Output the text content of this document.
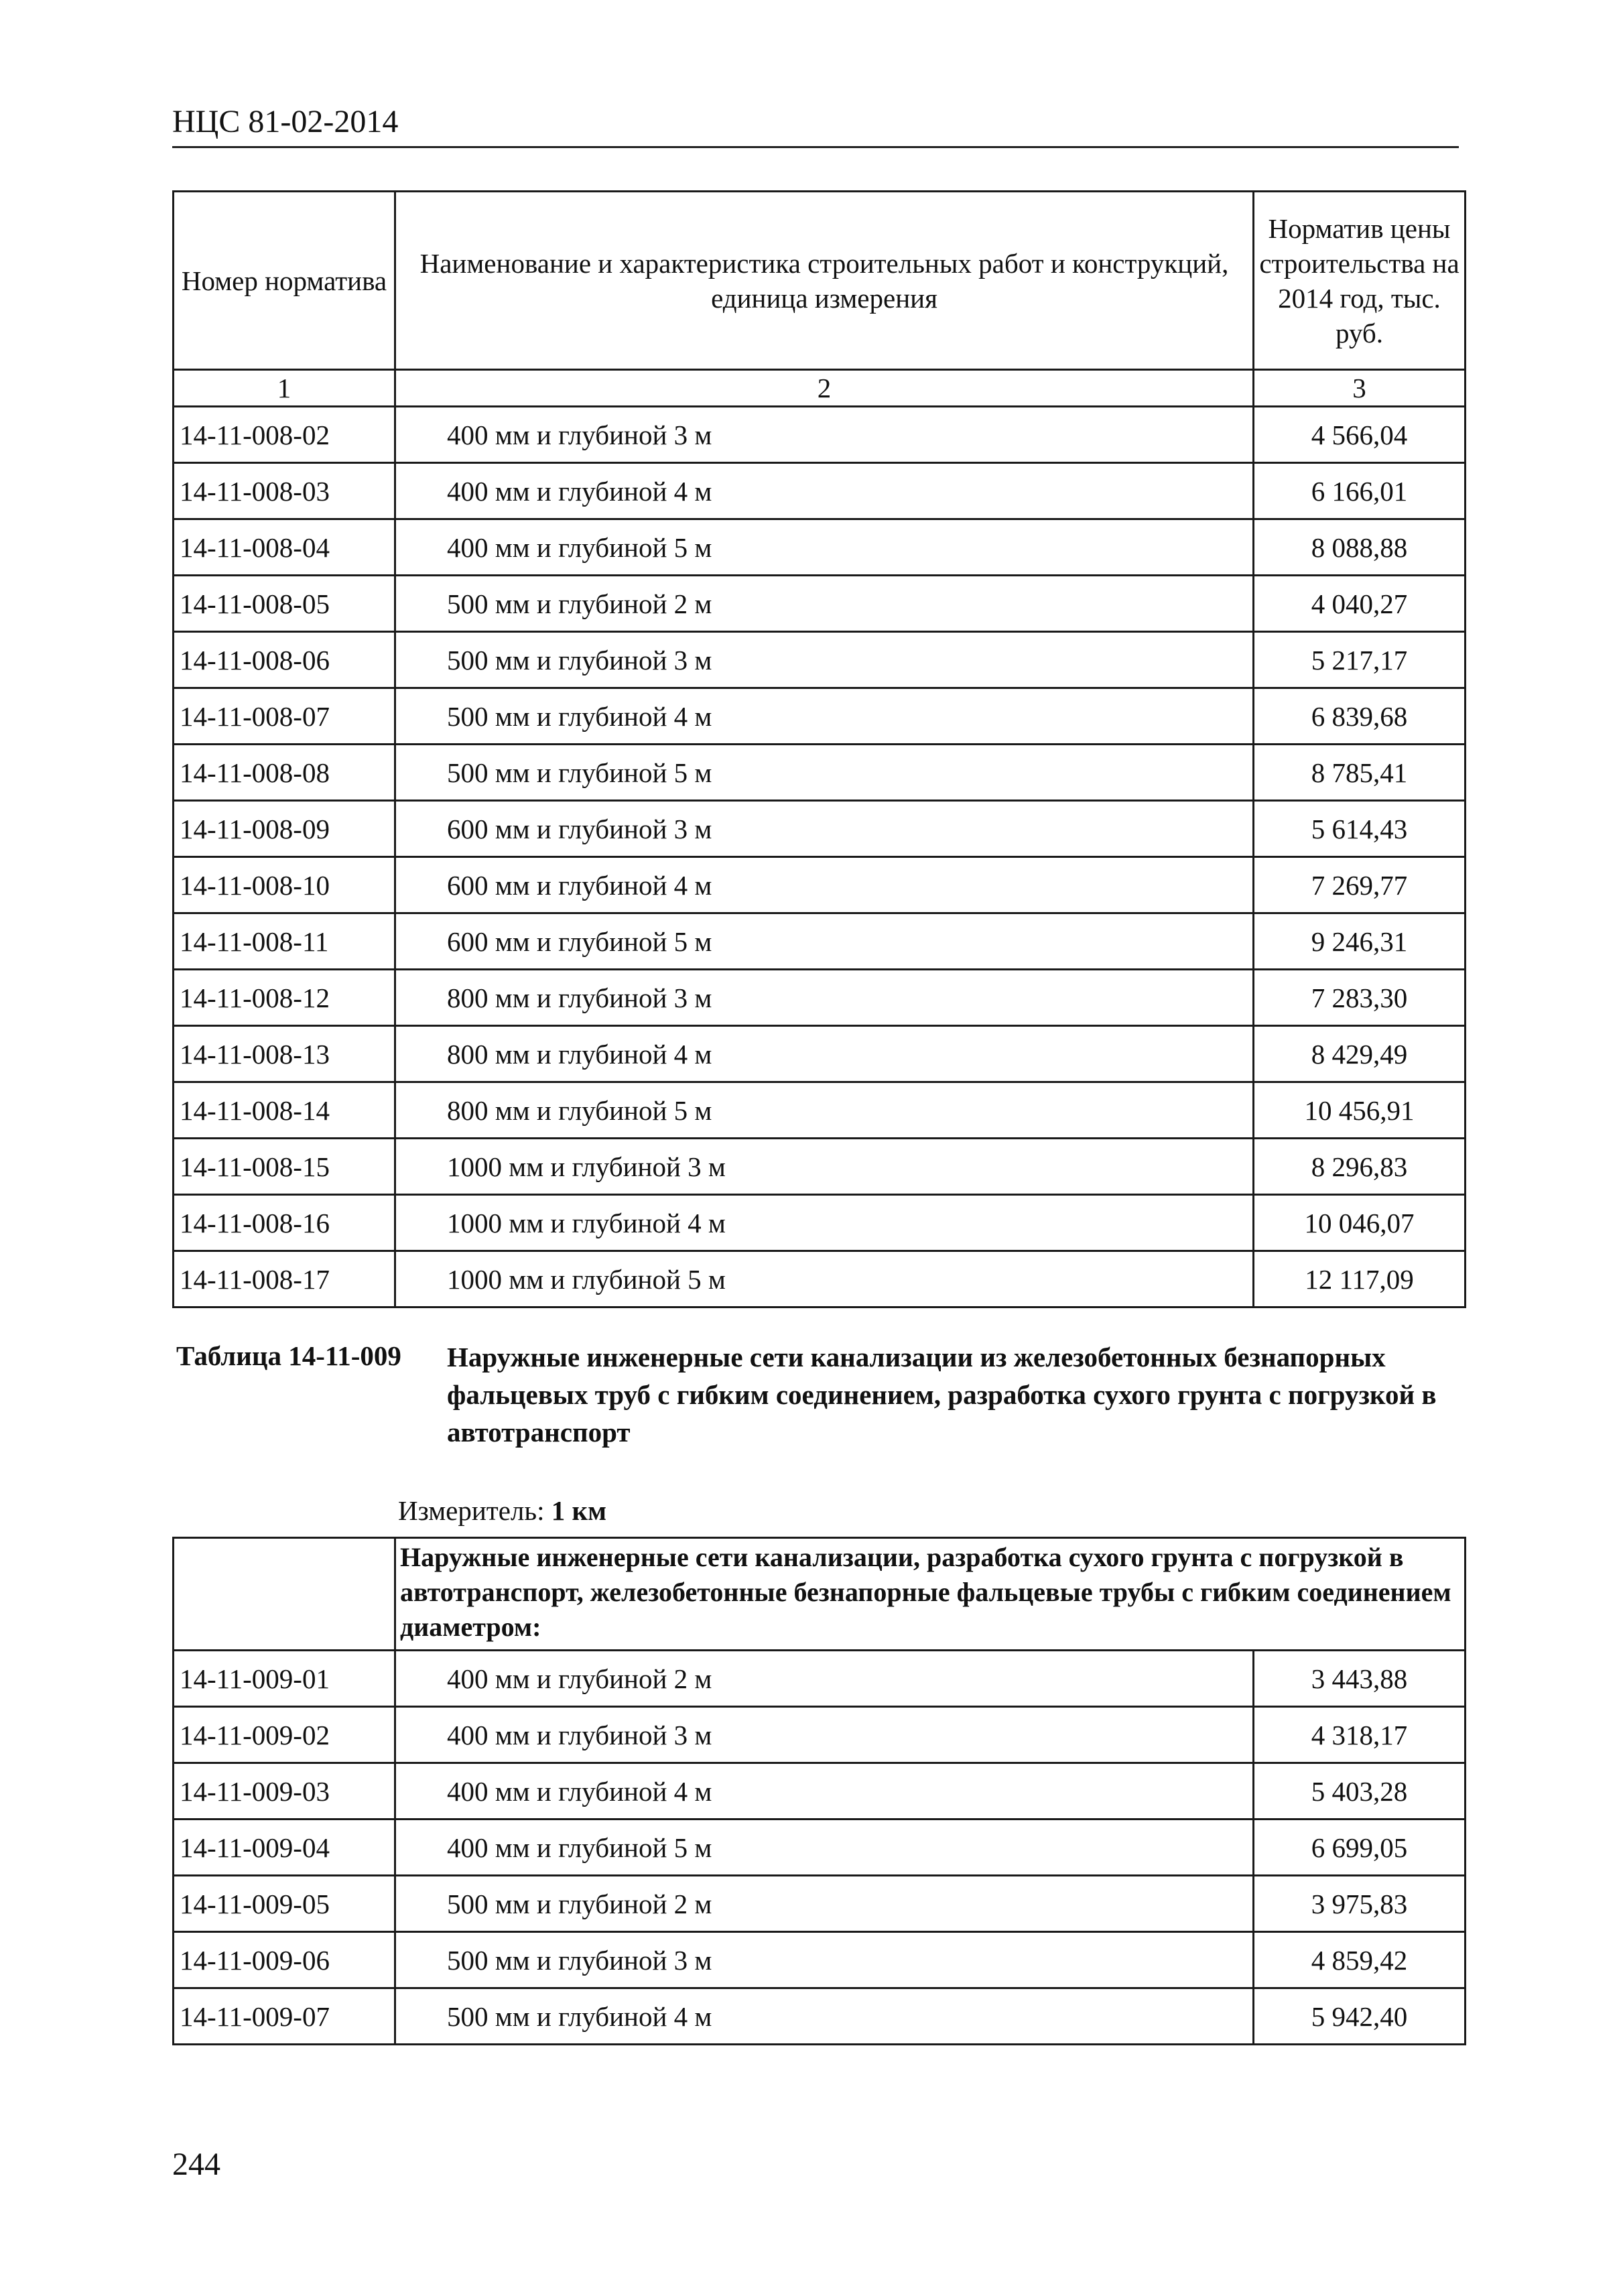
НЦС 81-02-2014
Номер норматива	Наименование и характеристика строительных работ и конструкций, единица измерения	Норматив цены строительства на 2014 год, тыс. руб.
1	2	3
14-11-008-02	400 мм и глубиной 3 м	4 566,04
14-11-008-03	400 мм и глубиной 4 м	6 166,01
14-11-008-04	400 мм и глубиной 5 м	8 088,88
14-11-008-05	500 мм и глубиной 2 м	4 040,27
14-11-008-06	500 мм и глубиной 3 м	5 217,17
14-11-008-07	500 мм и глубиной 4 м	6 839,68
14-11-008-08	500 мм и глубиной 5 м	8 785,41
14-11-008-09	600 мм и глубиной 3 м	5 614,43
14-11-008-10	600 мм и глубиной 4 м	7 269,77
14-11-008-11	600 мм и глубиной 5 м	9 246,31
14-11-008-12	800 мм и глубиной 3 м	7 283,30
14-11-008-13	800 мм и глубиной 4 м	8 429,49
14-11-008-14	800 мм и глубиной 5 м	10 456,91
14-11-008-15	1000 мм и глубиной 3 м	8 296,83
14-11-008-16	1000 мм и глубиной 4 м	10 046,07
14-11-008-17	1000 мм и глубиной 5 м	12 117,09
Таблица 14-11-009 Наружные инженерные сети канализации из железобетонных безнапорных фальцевых труб с гибким соединением, разработка сухого грунта с погрузкой в автотранспорт
Измеритель: 1 км
	Наружные инженерные сети канализации, разработка сухого грунта с погрузкой в автотранспорт, железобетонные безнапорные фальцевые трубы с гибким соединением диаметром:	
14-11-009-01	400 мм и глубиной 2 м	3 443,88
14-11-009-02	400 мм и глубиной 3 м	4 318,17
14-11-009-03	400 мм и глубиной 4 м	5 403,28
14-11-009-04	400 мм и глубиной 5 м	6 699,05
14-11-009-05	500 мм и глубиной 2 м	3 975,83
14-11-009-06	500 мм и глубиной 3 м	4 859,42
14-11-009-07	500 мм и глубиной 4 м	5 942,40
244
